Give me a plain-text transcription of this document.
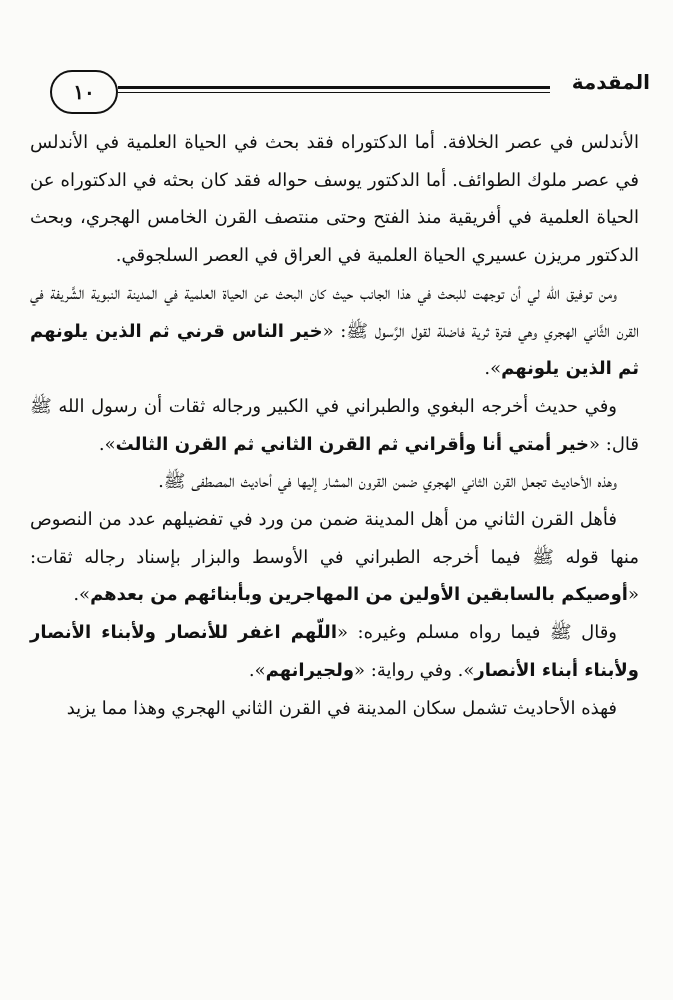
١٠	المقدمة

الأندلس في عصر الخلافة. أما الدكتوراه فقد بحث في الحياة العلمية في الأندلس في عصر ملوك الطوائف. أما الدكتور يوسف حواله فقد كان بحثه في الدكتوراه عن الحياة العلمية في أفريقية منذ الفتح وحتى منتصف القرن الخامس الهجري، وبحث الدكتور مريزن عسيري الحياة العلمية في العراق في العصر السلجوقي.

ومن توفيق الله لي أن توجهت للبحث في هذا الجانب حيث كان البحث عن الحياة العلمية في المدينة النبوية الشَّريفة في القرن الثَّاني الهجري وهي فترة ثرية فاضلة لقول الرَّسول ﷺ: «خير الناس قرني ثم الذين يلونهم ثم الذين يلونهم».

وفي حديث أخرجه البغوي والطبراني في الكبير ورجاله ثقات أن رسول الله ﷺ قال: «خير أمتي أنا وأقراني ثم القرن الثاني ثم القرن الثالث».

وهذه الأحاديث تجعل القرن الثاني الهجري ضمن القرون المشار إليها في أحاديث المصطفى ﷺ.

فأهل القرن الثاني من أهل المدينة ضمن من ورد في تفضيلهم عدد من النصوص منها قوله ﷺ فيما أخرجه الطبراني في الأوسط والبزار بإسناد رجاله ثقات: «أوصيكم بالسابقين الأولين من المهاجرين وبأبنائهم من بعدهم».

وقال ﷺ فيما رواه مسلم وغيره: «اللّهم اغفر للأنصار ولأبناء الأنصار ولأبناء أبناء الأنصار». وفي رواية: «ولجيرانهم».

فهذه الأحاديث تشمل سكان المدينة في القرن الثاني الهجري وهذا مما يزيد
